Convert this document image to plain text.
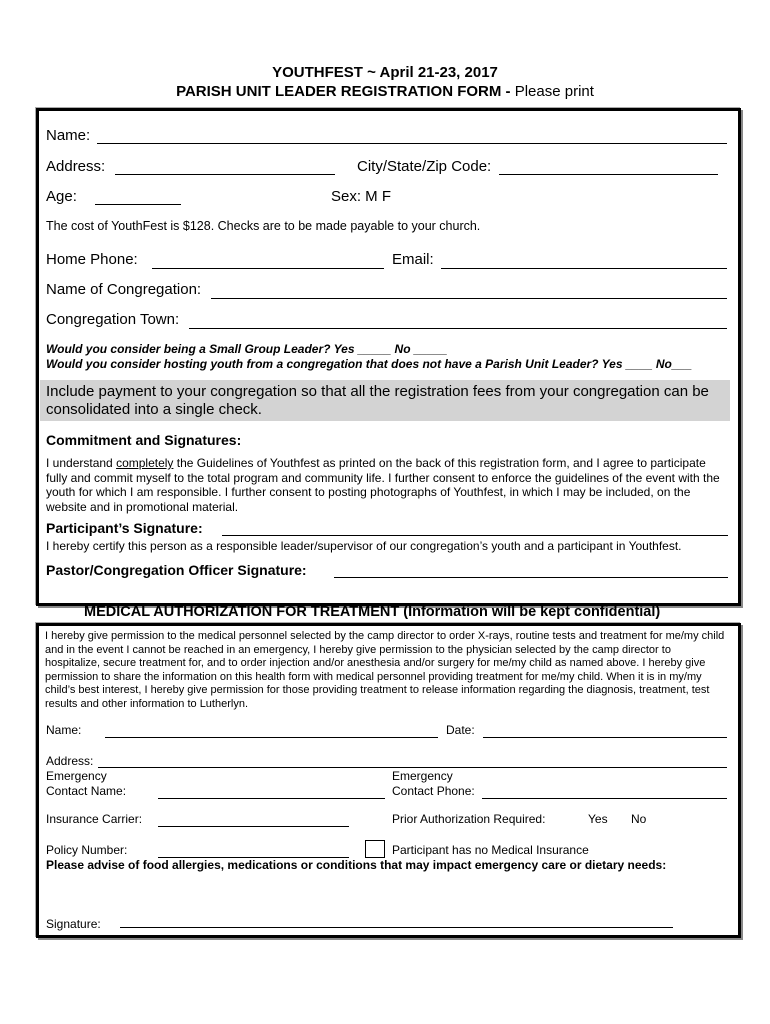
YOUTHFEST ~ April 21-23, 2017
PARISH UNIT LEADER REGISTRATION FORM - Please print
Name:
Address:	City/State/Zip Code:
Age:	Sex: M F
The cost of YouthFest is $128. Checks are to be made payable to your church.
Home Phone:	Email:
Name of Congregation:
Congregation Town:
Would you consider being a Small Group Leader? Yes _____ No _____
Would you consider hosting youth from a congregation that does not have a Parish Unit Leader? Yes ____ No___
Include payment to your congregation so that all the registration fees from your congregation can be consolidated into a single check.
Commitment and Signatures:
I understand completely the Guidelines of Youthfest as printed on the back of this registration form, and I agree to participate fully and commit myself to the total program and community life. I further consent to enforce the guidelines of the event with the youth for which I am responsible. I further consent to posting photographs of Youthfest, in which I may be included, on the website and in promotional material.
Participant’s Signature:
I hereby certify this person as a responsible leader/supervisor of our congregation’s youth and a participant in Youthfest.
Pastor/Congregation Officer Signature:
MEDICAL AUTHORIZATION FOR TREATMENT (Information will be kept confidential)
I hereby give permission to the medical personnel selected by the camp director to order X-rays, routine tests and treatment for me/my child and in the event I cannot be reached in an emergency, I hereby give permission to the physician selected by the camp director to hospitalize, secure treatment for, and to order injection and/or anesthesia and/or surgery for me/my child as named above. I hereby give permission to share the information on this health form with medical personnel providing treatment for me/my child. When it is in my/my child’s best interest, I hereby give permission for those providing treatment to release information regarding the diagnosis, treatment, test results and other information to Lutherlyn.
Name:	Date:
Address:
Emergency
Contact Name:
Emergency
Contact Phone:
Insurance Carrier:	Prior Authorization Required:	Yes No
Policy Number:	Participant has no Medical Insurance
Please advise of food allergies, medications or conditions that may impact emergency care or dietary needs:
Signature:
